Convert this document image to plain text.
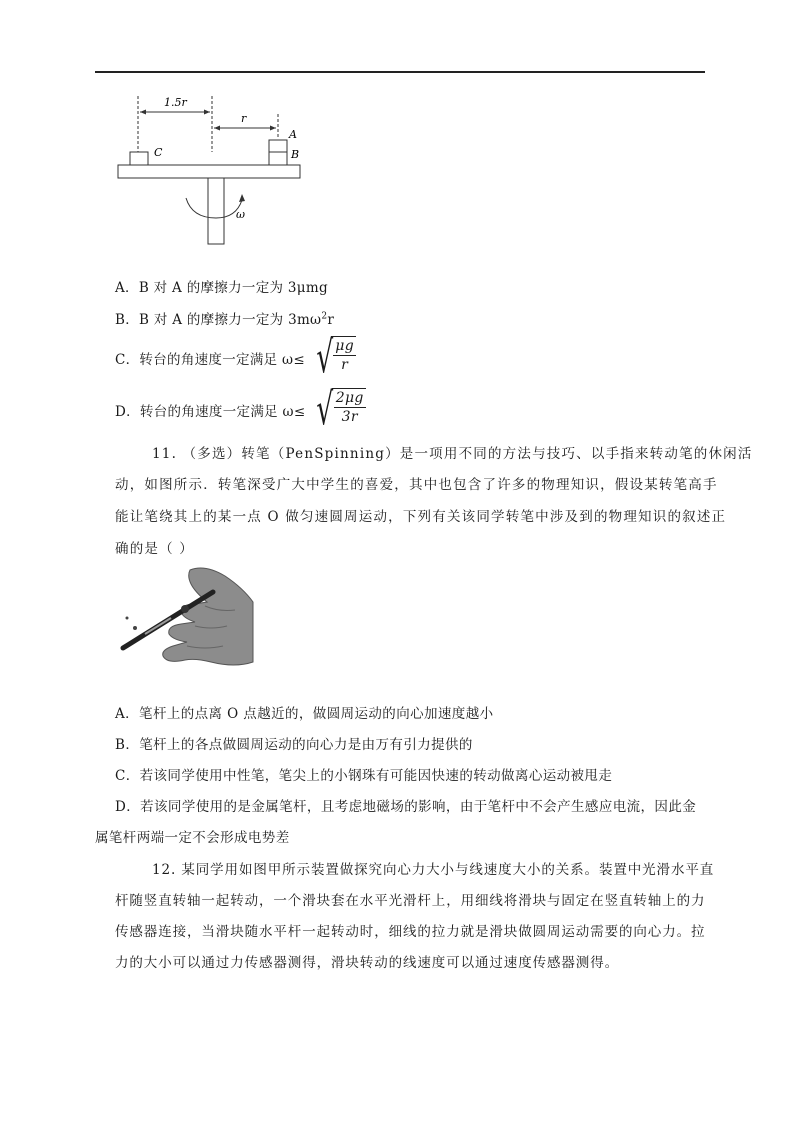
1.5r
r
C
A
B
ω
A．B 对 A 的摩擦力一定为 3μmg
B．B 对 A 的摩擦力一定为 $3m\omega^2r$
C．转台的角速度一定满足 ω≤ √ $\frac{\mu g}{r}$
D．转台的角速度一定满足 ω≤ √ $\frac{2\mu g}{3r}$
11. （多选）转笔（PenSpinning）是一项用不同的方法与技巧、以手指来转动笔的休闲活
动，如图所示．转笔深受广大中学生的喜爱，其中也包含了许多的物理知识，假设某转笔高手
能让笔绕其上的某一点 O 做匀速圆周运动，下列有关该同学转笔中涉及到的物理知识的叙述正
确的是（ ）
A．笔杆上的点离 O 点越近的，做圆周运动的向心加速度越小
B．笔杆上的各点做圆周运动的向心力是由万有引力提供的
C．若该同学使用中性笔，笔尖上的小钢珠有可能因快速的转动做离心运动被甩走
D．若该同学使用的是金属笔杆，且考虑地磁场的影响，由于笔杆中不会产生感应电流，因此金
属笔杆两端一定不会形成电势差
12. 某同学用如图甲所示装置做探究向心力大小与线速度大小的关系。装置中光滑水平直
杆随竖直转轴一起转动，一个滑块套在水平光滑杆上，用细线将滑块与固定在竖直转轴上的力
传感器连接，当滑块随水平杆一起转动时，细线的拉力就是滑块做圆周运动需要的向心力。拉
力的大小可以通过力传感器测得，滑块转动的线速度可以通过速度传感器测得。
